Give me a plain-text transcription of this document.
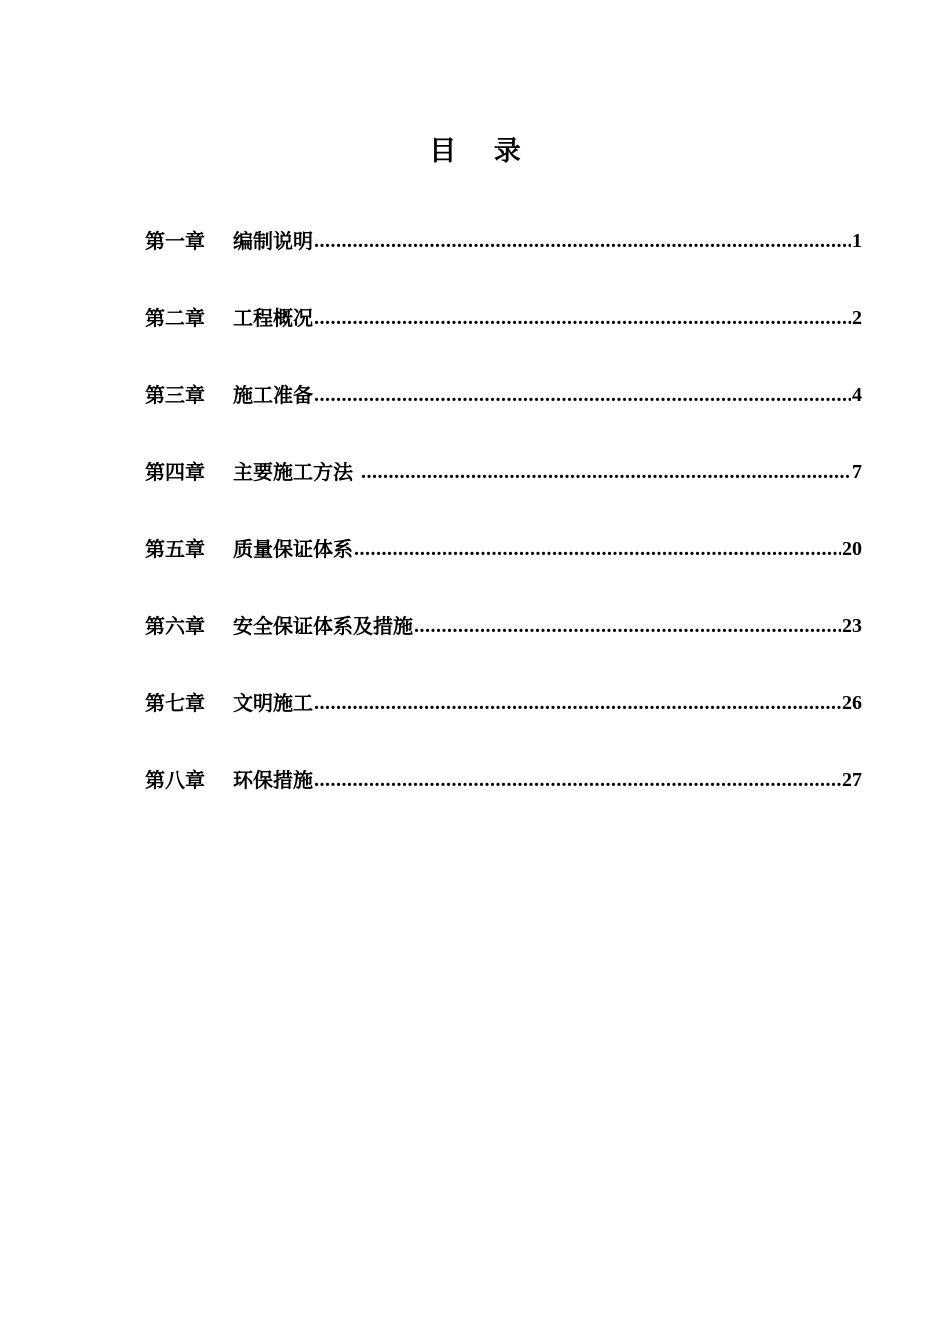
目    录
第一章	编制说明 .....	1
第二章	工程概况 .....	2
第三章	施工准备 .....	4
第四章	主要施工方法 .....	7
第五章	质量保证体系 .....	20
第六章	安全保证体系及措施 .....	23
第七章	文明施工 .....	26
第八章	环保措施 .....	27
